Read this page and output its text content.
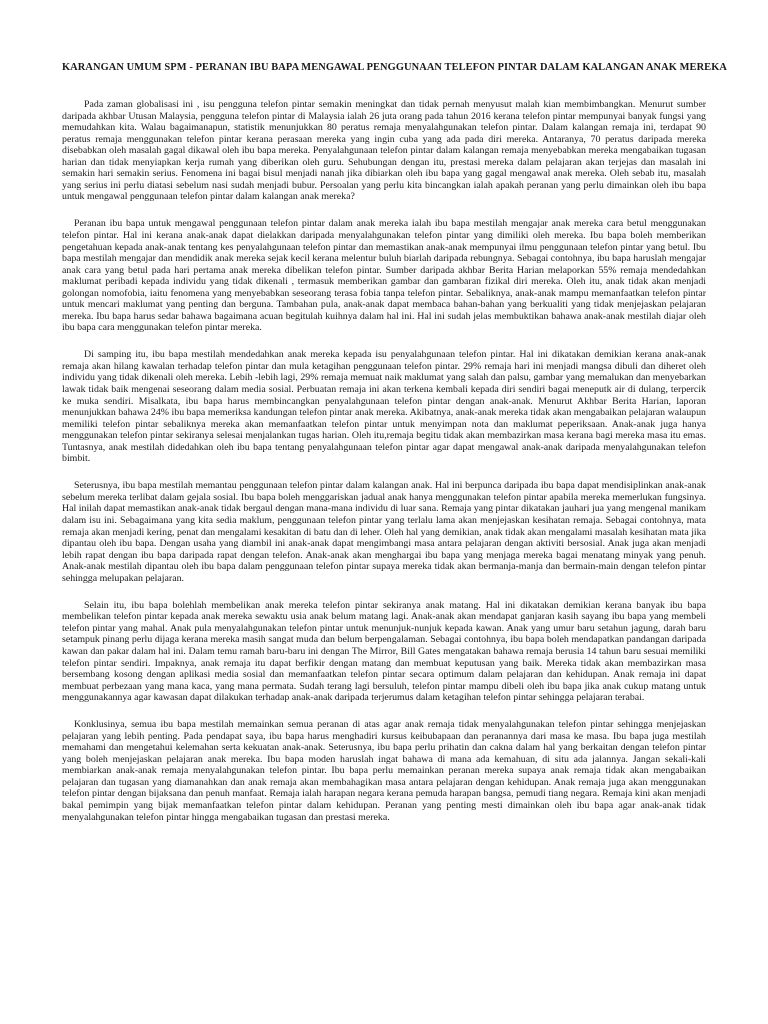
KARANGAN UMUM SPM - PERANAN IBU BAPA MENGAWAL PENGGUNAAN TELEFON PINTAR DALAM KALANGAN ANAK MEREKA

Pada zaman globalisasi ini , isu pengguna telefon pintar semakin meningkat dan tidak pernah menyusut malah kian membimbangkan. Menurut sumber daripada akhbar Utusan Malaysia, pengguna telefon pintar di Malaysia ialah 26 juta orang pada tahun 2016 kerana telefon pintar mempunyai banyak fungsi yang memudahkan kita. Walau bagaimanapun, statistik menunjukkan 80 peratus remaja menyalahgunakan telefon pintar. Dalam kalangan remaja ini, terdapat 90 peratus remaja menggunakan telefon pintar kerana perasaan mereka yang ingin cuba yang ada pada diri mereka. Antaranya, 70 peratus daripada mereka disebabkan oleh masalah gagal dikawal oleh ibu bapa mereka. Penyalahgunaan telefon pintar dalam kalangan remaja menyebabkan mereka mengabaikan tugasan harian dan tidak menyiapkan kerja rumah yang diberikan oleh guru. Sehubungan dengan itu, prestasi mereka dalam pelajaran akan terjejas dan masalah ini semakin hari semakin serius. Fenomena ini bagai bisul menjadi nanah jika dibiarkan oleh ibu bapa yang gagal mengawal anak mereka. Oleh sebab itu, masalah yang serius ini perlu diatasi sebelum nasi sudah menjadi bubur. Persoalan yang perlu kita bincangkan ialah apakah peranan yang perlu dimainkan oleh ibu bapa untuk mengawal penggunaan telefon pintar dalam kalangan anak mereka?

Peranan ibu bapa untuk mengawal penggunaan telefon pintar dalam anak mereka ialah ibu bapa mestilah mengajar anak mereka cara betul menggunakan telefon pintar. Hal ini kerana anak-anak dapat dielakkan daripada menyalahgunakan telefon pintar yang dimiliki oleh mereka. Ibu bapa boleh memberikan pengetahuan kepada anak-anak tentang kes penyalahgunaan telefon pintar dan memastikan anak-anak mempunyai ilmu penggunaan telefon pintar yang betul. Ibu bapa mestilah mengajar dan mendidik anak mereka sejak kecil kerana melentur buluh biarlah daripada rebungnya. Sebagai contohnya, ibu bapa haruslah mengajar anak cara yang betul pada hari pertama anak mereka dibelikan telefon pintar. Sumber daripada akhbar Berita Harian melaporkan 55% remaja mendedahkan maklumat peribadi kepada individu yang tidak dikenali , termasuk memberikan gambar dan gambaran fizikal diri mereka. Oleh itu, anak tidak akan menjadi golongan nomofobia, iaitu fenomena yang menyebabkan seseorang terasa fobia tanpa telefon pintar. Sebaliknya, anak-anak mampu memanfaatkan telefon pintar untuk mencari maklumat yang penting dan berguna. Tambahan pula, anak-anak dapat membaca bahan-bahan yang berkualiti yang tidak menjejaskan pelajaran mereka. Ibu bapa harus sedar bahawa bagaimana acuan begitulah kuihnya dalam hal ini. Hal ini sudah jelas membuktikan bahawa anak-anak mestilah diajar oleh ibu bapa cara menggunakan telefon pintar mereka.

Di samping itu, ibu bapa mestilah mendedahkan anak mereka kepada isu penyalahgunaan telefon pintar. Hal ini dikatakan demikian kerana anak-anak remaja akan hilang kawalan terhadap telefon pintar dan mula ketagihan penggunaan telefon pintar. 29% remaja hari ini menjadi mangsa dibuli dan diheret oleh individu yang tidak dikenali oleh mereka. Lebih -lebih lagi, 29% remaja memuat naik maklumat yang salah dan palsu, gambar yang memalukan dan menyebarkan lawak tidak baik mengenai seseorang dalam media sosial. Perbuatan remaja ini akan terkena kembali kepada diri sendiri bagai meneputk air di dulang, terpercik ke muka sendiri. Misalkata, ibu bapa harus membincangkan penyalahgunaan telefon pintar dengan anak-anak. Menurut Akhbar Berita Harian, laporan menunjukkan bahawa 24% ibu bapa memeriksa kandungan telefon pintar anak mereka. Akibatnya, anak-anak mereka tidak akan mengabaikan pelajaran walaupun memiliki telefon pintar sebaliknya mereka akan memanfaatkan telefon pintar untuk menyimpan nota dan maklumat peperiksaan. Anak-anak juga hanya menggunakan telefon pintar sekiranya selesai menjalankan tugas harian. Oleh itu,remaja begitu tidak akan membazirkan masa kerana bagi mereka masa itu emas. Tuntasnya, anak mestilah didedahkan oleh ibu bapa tentang penyalahgunaan telefon pintar agar dapat mengawal anak-anak daripada menyalahgunakan telefon bimbit.

Seterusnya, ibu bapa mestilah memantau penggunaan telefon pintar dalam kalangan anak. Hal ini berpunca daripada ibu bapa dapat mendisiplinkan anak-anak sebelum mereka terlibat dalam gejala sosial. Ibu bapa boleh menggariskan jadual anak hanya menggunakan telefon pintar apabila mereka memerlukan fungsinya. Hal inilah dapat memastikan anak-anak tidak bergaul dengan mana-mana individu di luar sana. Remaja yang pintar dikatakan jauhari jua yang mengenal manikam dalam isu ini. Sebagaimana yang kita sedia maklum, penggunaan telefon pintar yang terlalu lama akan menjejaskan kesihatan remaja. Sebagai contohnya, mata remaja akan menjadi kering, penat dan mengalami kesakitan di batu dan di leher. Oleh hal yang demikian, anak tidak akan mengalami masalah kesihatan mata jika dipantau oleh ibu bapa. Dengan usaha yang diambil ini anak-anak dapat mengimbangi masa antara pelajaran dengan aktiviti bersosial. Anak juga akan menjadi lebih rapat dengan ibu bapa daripada rapat dengan telefon. Anak-anak akan menghargai ibu bapa yang menjaga mereka bagai menatang minyak yang penuh. Anak-anak mestilah dipantau oleh ibu bapa dalam penggunaan telefon pintar supaya mereka tidak akan bermanja-manja dan bermain-main dengan telefon pintar sehingga melupakan pelajaran.

Selain itu, ibu bapa bolehlah membelikan anak mereka telefon pintar sekiranya anak matang. Hal ini dikatakan demikian kerana banyak ibu bapa membelikan telefon pintar kepada anak mereka sewaktu usia anak belum matang lagi. Anak-anak akan mendapat ganjaran kasih sayang ibu bapa yang membeli telefon pintar yang mahal. Anak pula menyalahgunakan telefon pintar untuk menunjuk-nunjuk kepada kawan. Anak yang umur baru setahun jagung, darah baru setampuk pinang perlu dijaga kerana mereka masih sangat muda dan belum berpengalaman. Sebagai contohnya, ibu bapa boleh mendapatkan pandangan daripada kawan dan pakar dalam hal ini. Dalam temu ramah baru-baru ini dengan The Mirror, Bill Gates mengatakan bahawa remaja berusia 14 tahun baru sesuai memiliki telefon pintar sendiri. Impaknya, anak remaja itu dapat berfikir dengan matang dan membuat keputusan yang baik. Mereka tidak akan membazirkan masa bersembang kosong dengan aplikasi media sosial dan memanfaatkan telefon pintar secara optimum dalam pelajaran dan kehidupan. Anak remaja ini dapat membuat perbezaan yang mana kaca, yang mana permata. Sudah terang lagi bersuluh, telefon pintar mampu dibeli oleh ibu bapa jika anak cukup matang untuk menggunakannya agar kawasan dapat dilakukan terhadap anak-anak daripada terjerumus dalam ketagihan telefon pintar sehingga pelajaran terabai.

Konklusinya, semua ibu bapa mestilah memainkan semua peranan di atas agar anak remaja tidak menyalahgunakan telefon pintar sehingga menjejaskan pelajaran yang lebih penting. Pada pendapat saya, ibu bapa harus menghadiri kursus keibubapaan dan peranannya dari masa ke masa. Ibu bapa juga mestilah memahami dan mengetahui kelemahan serta kekuatan anak-anak. Seterusnya, ibu bapa perlu prihatin dan cakna dalam hal yang berkaitan dengan telefon pintar yang boleh menjejaskan pelajaran anak mereka. Ibu bapa moden haruslah ingat bahawa di mana ada kemahuan, di situ ada jalannya. Jangan sekali-kali membiarkan anak-anak remaja menyalahgunakan telefon pintar. Ibu bapa perlu memainkan peranan mereka supaya anak remaja tidak akan mengabaikan pelajaran dan tugasan yang diamanahkan dan anak remaja akan membahagikan masa antara pelajaran dengan kehidupan. Anak remaja juga akan menggunakan telefon pintar dengan bijaksana dan penuh manfaat. Remaja ialah harapan negara kerana pemuda harapan bangsa, pemudi tiang negara. Remaja kini akan menjadi bakal pemimpin yang bijak memanfaatkan telefon pintar dalam kehidupan. Peranan yang penting mesti dimainkan oleh ibu bapa agar anak-anak tidak menyalahgunakan telefon pintar hingga mengabaikan tugasan dan prestasi mereka.
